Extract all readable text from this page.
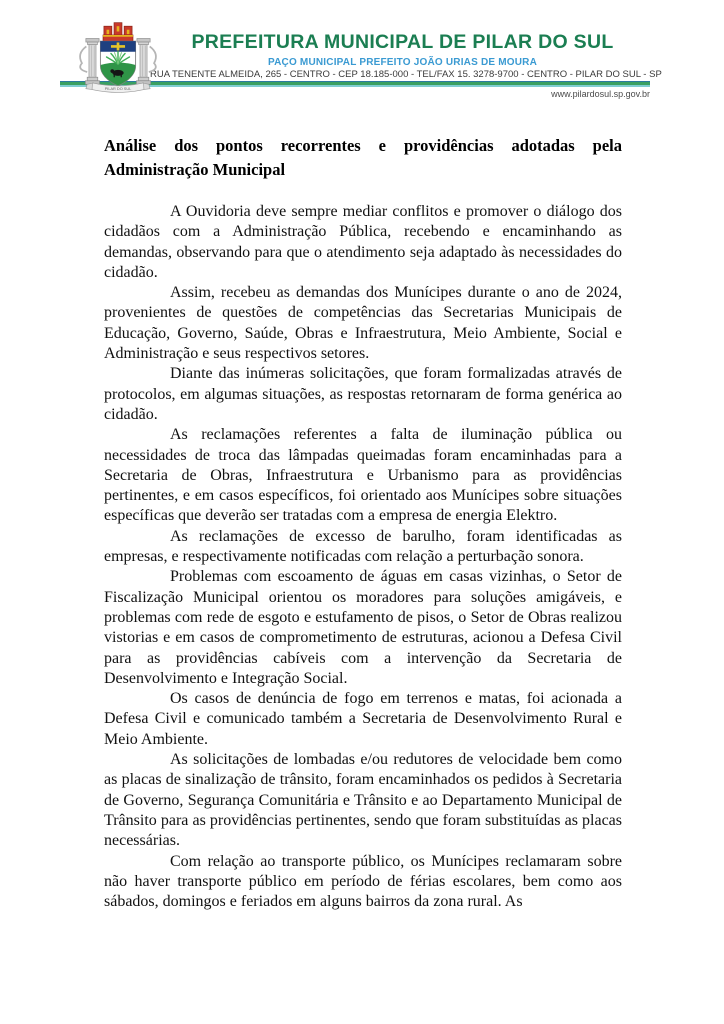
PILAR DO SUL
PREFEITURA MUNICIPAL DE PILAR DO SUL
PAÇO MUNICIPAL PREFEITO JOÃO URIAS DE MOURA
RUA TENENTE ALMEIDA, 265 - CENTRO - CEP 18.185-000 - TEL/FAX 15. 3278-9700 - CENTRO - PILAR DO SUL - SP
www.pilardosul.sp.gov.br
Análise dos pontos recorrentes e providências adotadas pela Administração Municipal

A Ouvidoria deve sempre mediar conflitos e promover o diálogo dos cidadãos com a Administração Pública, recebendo e encaminhando as demandas, observando para que o atendimento seja adaptado às necessidades do cidadão.

Assim, recebeu as demandas dos Munícipes durante o ano de 2024, provenientes de questões de competências das Secretarias Municipais de Educação, Governo, Saúde, Obras e Infraestrutura, Meio Ambiente, Social e Administração e seus respectivos setores.

Diante das inúmeras solicitações, que foram formalizadas através de protocolos, em algumas situações, as respostas retornaram de forma genérica ao cidadão.

As reclamações referentes a falta de iluminação pública ou necessidades de troca das lâmpadas queimadas foram encaminhadas para a Secretaria de Obras, Infraestrutura e Urbanismo para as providências pertinentes, e em casos específicos, foi orientado aos Munícipes sobre situações específicas que deverão ser tratadas com a empresa de energia Elektro.

As reclamações de excesso de barulho, foram identificadas as empresas, e respectivamente notificadas com relação a perturbação sonora.

Problemas com escoamento de águas em casas vizinhas, o Setor de Fiscalização Municipal orientou os moradores para soluções amigáveis, e problemas com rede de esgoto e estufamento de pisos, o Setor de Obras realizou vistorias e em casos de comprometimento de estruturas, acionou a Defesa Civil para as providências cabíveis com a intervenção da Secretaria de Desenvolvimento e Integração Social.

Os casos de denúncia de fogo em terrenos e matas, foi acionada a Defesa Civil e comunicado também a Secretaria de Desenvolvimento Rural e Meio Ambiente.

As solicitações de lombadas e/ou redutores de velocidade bem como as placas de sinalização de trânsito, foram encaminhados os pedidos à Secretaria de Governo, Segurança Comunitária e Trânsito e ao Departamento Municipal de Trânsito para as providências pertinentes, sendo que foram substituídas as placas necessárias.

Com relação ao transporte público, os Munícipes reclamaram sobre não haver transporte público em período de férias escolares, bem como aos sábados, domingos e feriados em alguns bairros da zona rural. As
